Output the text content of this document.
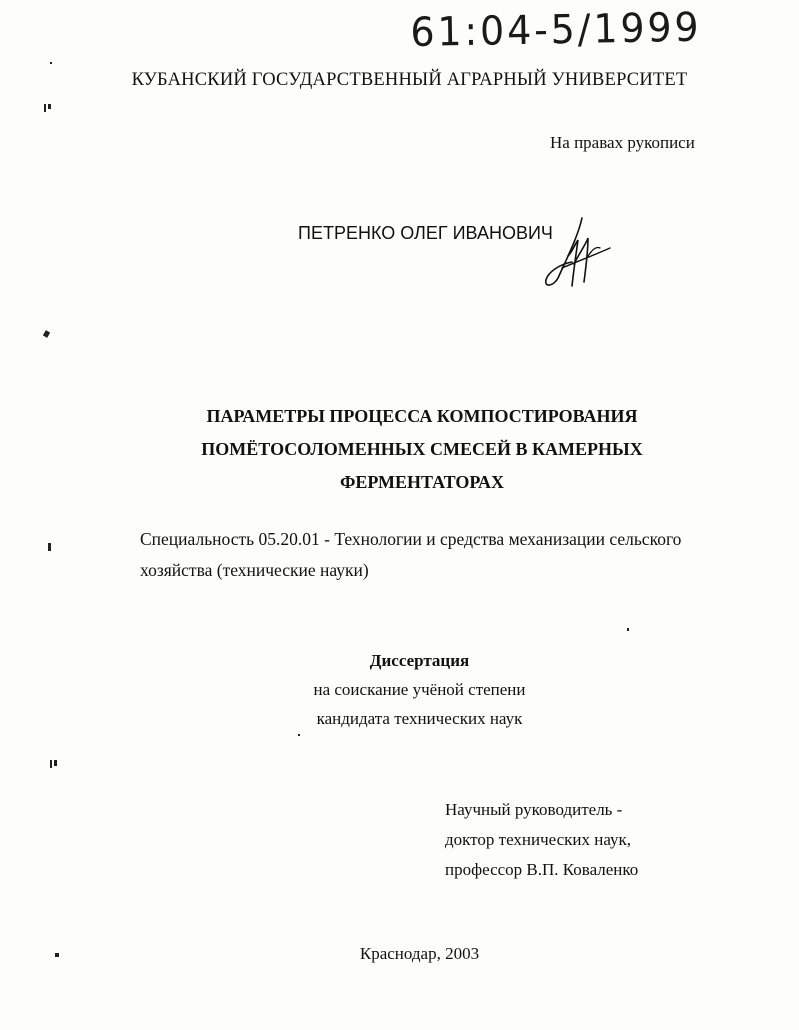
61:04-5/1999
КУБАНСКИЙ ГОСУДАРСТВЕННЫЙ АГРАРНЫЙ УНИВЕРСИТЕТ
На правах рукописи
ПЕТРЕНКО ОЛЕГ ИВАНОВИЧ
ПАРАМЕТРЫ ПРОЦЕССА КОМПОСТИРОВАНИЯ
ПОМЁТОСОЛОМЕННЫХ СМЕСЕЙ В КАМЕРНЫХ
ФЕРМЕНТАТОРАХ
Специальность 05.20.01 - Технологии и средства механизации сельского
хозяйства (технические науки)
Диссертация
на соискание учёной степени
кандидата технических наук
Научный руководитель -
доктор технических наук,
профессор В.П. Коваленко
Краснодар, 2003
